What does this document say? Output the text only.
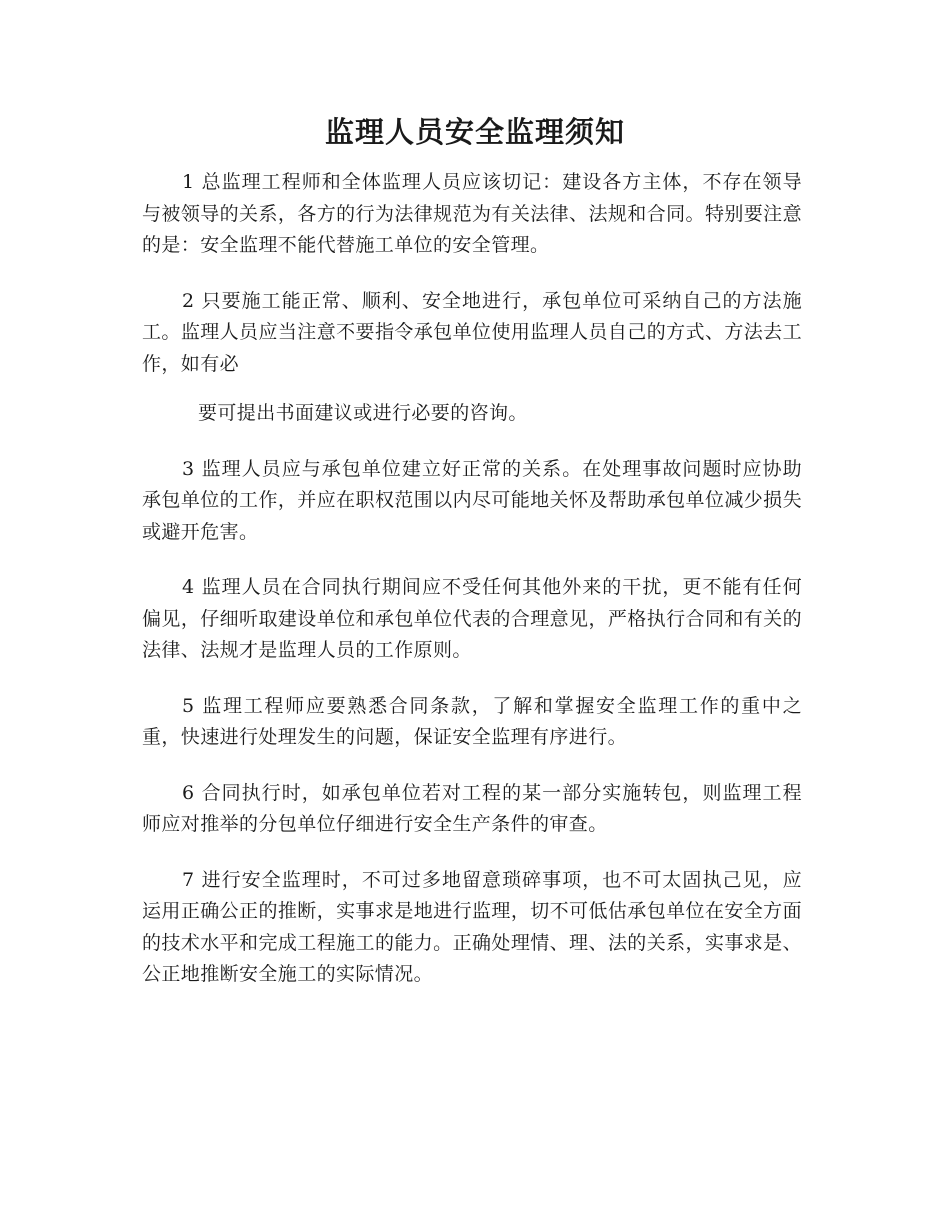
监理人员安全监理须知

1 总监理工程师和全体监理人员应该切记：建设各方主体，不存在领导与被领导的关系，各方的行为法律规范为有关法律、法规和合同。特别要注意的是：安全监理不能代替施工单位的安全管理。

2 只要施工能正常、顺利、安全地进行，承包单位可采纳自己的方法施工。监理人员应当注意不要指令承包单位使用监理人员自己的方式、方法去工作，如有必

要可提出书面建议或进行必要的咨询。

3 监理人员应与承包单位建立好正常的关系。在处理事故问题时应协助承包单位的工作，并应在职权范围以内尽可能地关怀及帮助承包单位减少损失或避开危害。

4 监理人员在合同执行期间应不受任何其他外来的干扰，更不能有任何偏见，仔细听取建设单位和承包单位代表的合理意见，严格执行合同和有关的法律、法规才是监理人员的工作原则。

5 监理工程师应要熟悉合同条款，了解和掌握安全监理工作的重中之重，快速进行处理发生的问题，保证安全监理有序进行。

6 合同执行时，如承包单位若对工程的某一部分实施转包，则监理工程师应对推举的分包单位仔细进行安全生产条件的审查。

7 进行安全监理时，不可过多地留意琐碎事项，也不可太固执己见，应运用正确公正的推断，实事求是地进行监理，切不可低估承包单位在安全方面的技术水平和完成工程施工的能力。正确处理情、理、法的关系，实事求是、公正地推断安全施工的实际情况。
